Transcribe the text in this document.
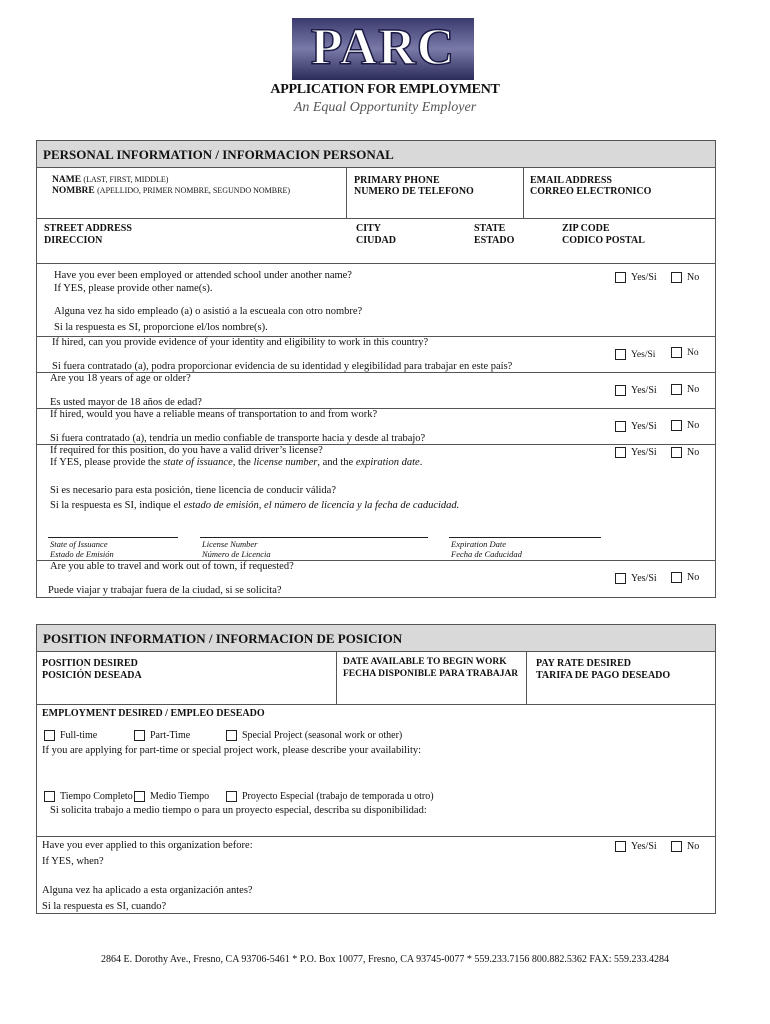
PARC
APPLICATION FOR EMPLOYMENT
An Equal Opportunity Employer
PERSONAL INFORMATION / INFORMACION PERSONAL
NAME (LAST, FIRST, MIDDLE)
NOMBRE (APELLIDO, PRIMER NOMBRE, SEGUNDO NOMBRE)
PRIMARY PHONE
NUMERO DE TELEFONO
EMAIL ADDRESS
CORREO ELECTRONICO
STREET ADDRESS
DIRECCION
CITY
CIUDAD
STATE
ESTADO
ZIP CODE
CODICO POSTAL
Have you ever been employed or attended school under another name?
If YES, please provide other name(s).
Alguna vez ha sido empleado (a) o asistió a la escueala con otro nombre?
Si la respuesta es SI, proporcione el/los nombre(s).
Yes/Si	No
If hired, can you provide evidence of your identity and eligibility to work in this country?
Si fuera contratado (a), podra proporcionar evidencia de su identidad y elegibilidad para trabajar en este país?
Yes/Si	No
Are you 18 years of age or older?
Es usted mayor de 18 años de edad?
Yes/Si	No
If hired, would you have a reliable means of transportation to and from work?
Si fuera contratado (a), tendría un medio confiable de transporte hacia y desde al trabajo?
Yes/Si	No
If required for this position, do you have a valid driver’s license?
If YES, please provide the state of issuance, the license number, and the expiration date.
Yes/Si	No
Si es necesario para esta posición, tiene licencia de conducir válida?
Si la respuesta es SI, indique el estado de emisión, el número de licencia y la fecha de caducidad.
State of Issuance
Estado de Emisión
License Number
Número de Licencia
Expiration Date
Fecha de Caducidad
Are you able to travel and work out of town, if requested?
Puede viajar y trabajar fuera de la ciudad, si se solicita?
Yes/Si	No
POSITION INFORMATION / INFORMACION DE POSICION
POSITION DESIRED
POSICIÓN DESEADA
DATE AVAILABLE TO BEGIN WORK
FECHA DISPONIBLE PARA TRABAJAR
PAY RATE DESIRED
TARIFA DE PAGO DESEADO
EMPLOYMENT DESIRED / EMPLEO DESEADO
Full-time	Part-Time	Special Project (seasonal work or other)
If you are applying for part-time or special project work, please describe your availability:
Tiempo Completo Medio Tiempo	Proyecto Especial (trabajo de temporada u otro)
Si solicita trabajo a medio tiempo o para un proyecto especial, describa su disponibilidad:
Have you ever applied to this organization before:
If YES, when?
Yes/Si	No
Alguna vez ha aplicado a esta organización antes?
Si la respuesta es SI, cuando?
2864 E. Dorothy Ave., Fresno, CA 93706-5461 * P.O. Box 10077, Fresno, CA 93745-0077 * 559.233.7156 800.882.5362 FAX: 559.233.4284
